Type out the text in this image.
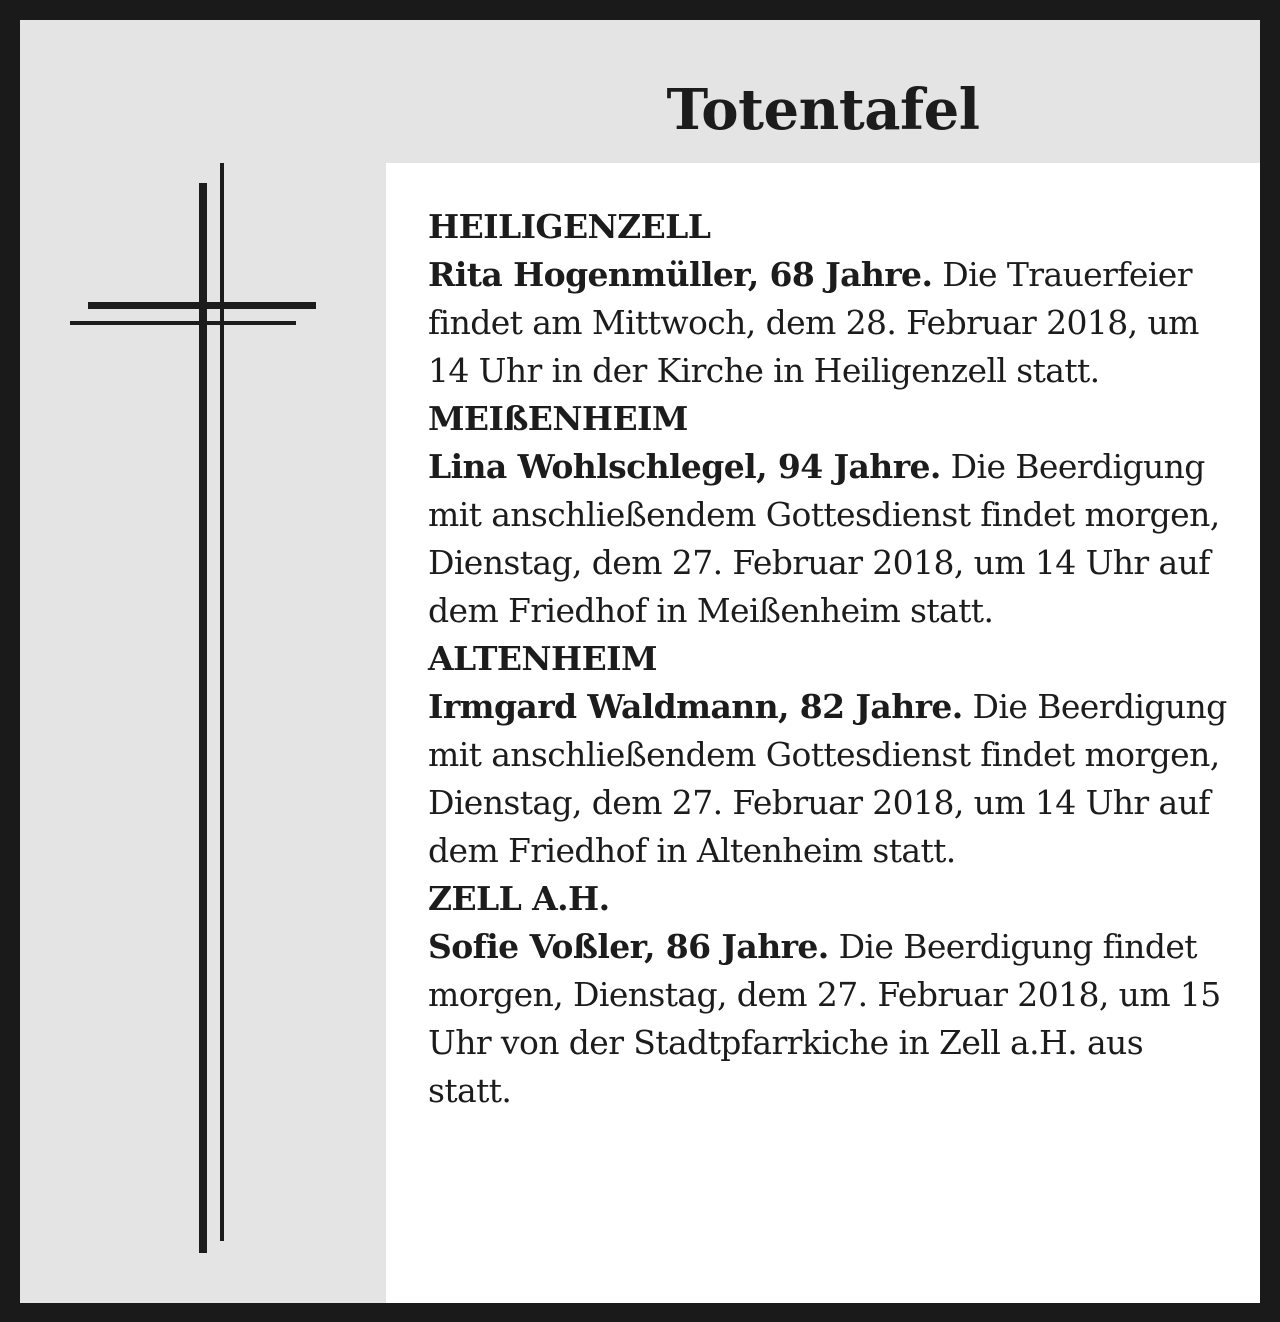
Totentafel

HEILIGENZELL

Rita Hogenmüller, 68 Jahre. Die Trauerfeier findet am Mittwoch, dem 28. Februar 2018, um 14 Uhr in der Kirche in Heiligenzell statt.

MEIßENHEIM

Lina Wohlschlegel, 94 Jahre. Die Beerdigung mit anschließendem Gottesdienst findet morgen, Dienstag, dem 27. Februar 2018, um 14 Uhr auf dem Friedhof in Meißenheim statt.

ALTENHEIM

Irmgard Waldmann, 82 Jahre. Die Beerdigung mit anschließendem Gottesdienst findet morgen, Dienstag, dem 27. Februar 2018, um 14 Uhr auf dem Friedhof in Altenheim statt.

ZELL A.H.

Sofie Voßler, 86 Jahre. Die Beerdigung findet morgen, Dienstag, dem 27. Februar 2018, um 15 Uhr von der Stadtpfarrkiche in Zell a.H. aus statt.
